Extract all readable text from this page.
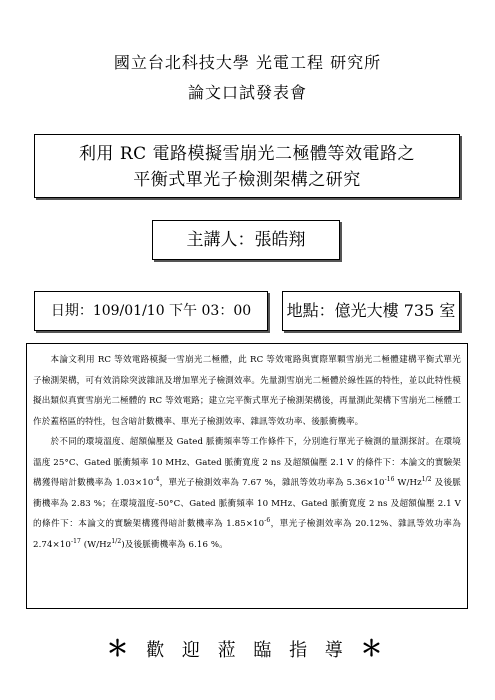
國立台北科技大學 光電工程 研究所
論文口試發表會
利用 RC 電路模擬雪崩光二極體等效電路之
平衡式單光子檢測架構之研究
主講人：張皓翔
日期：109/01/10 下午 03：00	地點：億光大樓 735 室

  本論文利用 RC 等效電路模擬一雪崩光二極體，此 RC 等效電路與實際單顆雪崩光二極體建構平衡式單光子檢測架構，可有效消除突波雜訊及增加單光子檢測效率。先量測雪崩光二極體於線性區的特性，並以此特性模擬出類似真實雪崩光二極體的 RC 等效電路；建立完平衡式單光子檢測架構後，再量測此架構下雪崩光二極體工作於蓋格區的特性，包含暗計數機率、單光子檢測效率、雜訊等效功率、後脈衝機率。

  於不同的環境溫度、超額偏壓及 Gated 脈衝頻率等工作條件下，分別進行單光子檢測的量測探討。在環境溫度 25°C、Gated 脈衝頻率 10 MHz、Gated 脈衝寬度 2 ns 及超額偏壓 2.1 V 的條件下：本論文的實驗架構獲得暗計數機率為 $1.03\times 10^{-4}$，單光子檢測效率為 7.67 %，雜訊等效功率為 $5.36\times 10^{-16}$ $W/Hz^{1/2}$ 及後脈衝機率為 2.83 %；在環境溫度-50°C、Gated 脈衝頻率 10 MHz、Gated 脈衝寬度 2 ns 及超額偏壓 2.1 V 的條件下：本論文的實驗架構獲得暗計數機率為 $1.85\times 10^{-6}$，單光子檢測效率為 20.12%、雜訊等效功率為 $2.74\times 10^{-17}$ $(W/Hz^{1/2})$及後脈衝機率為 6.16 %。

＊ 歡 迎 蒞 臨 指 導 ＊
